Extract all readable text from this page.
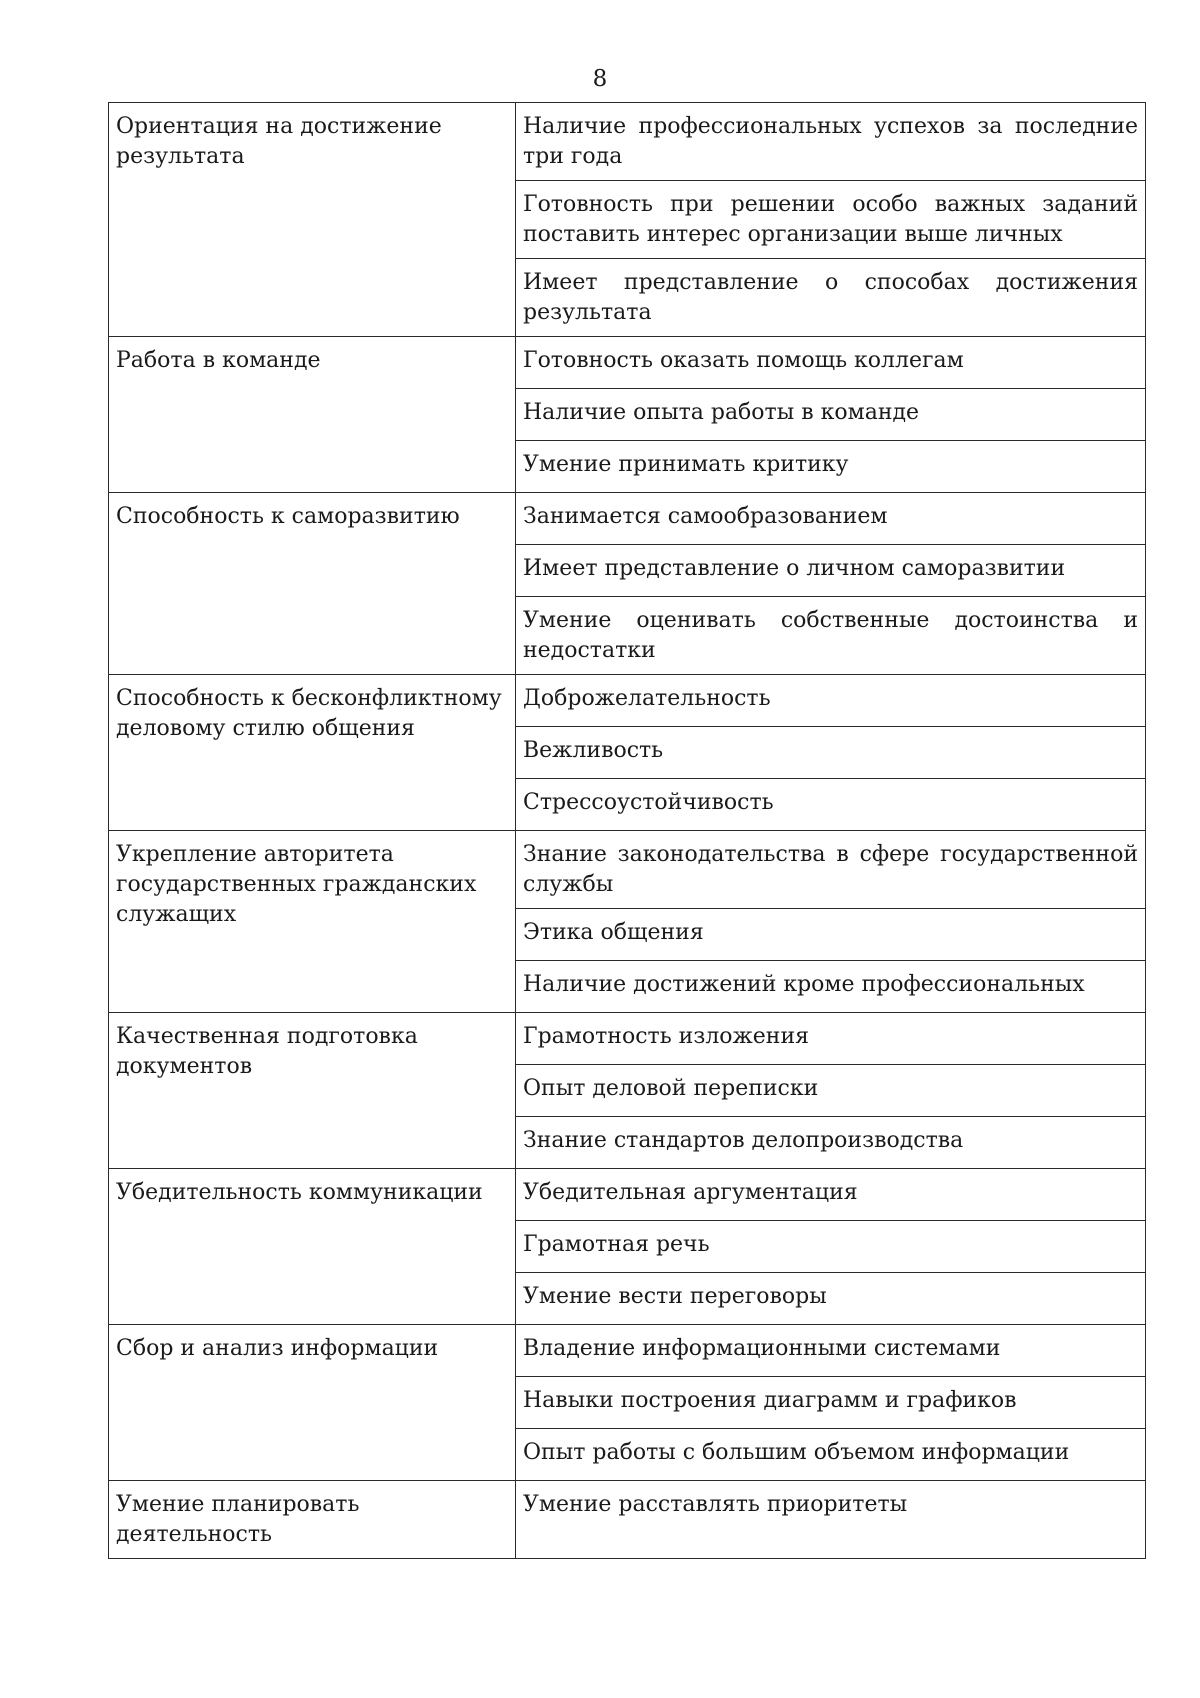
8
Ориентация на достижение результата	Наличие профессиональных успехов за последние три года
	Готовность при решении особо важных заданий поставить интерес организации выше личных
	Имеет представление о способах достижения результата
Работа в команде	Готовность оказать помощь коллегам
	Наличие опыта работы в команде
	Умение принимать критику
Способность к саморазвитию	Занимается самообразованием
	Имеет представление о личном саморазвитии
	Умение оценивать собственные достоинства и недостатки
Способность к бесконфликтному деловому стилю общения	Доброжелательность
	Вежливость
	Стрессоустойчивость
Укрепление авторитета государственных гражданских служащих	Знание законодательства в сфере государственной службы
	Этика общения
	Наличие достижений кроме профессиональных
Качественная подготовка документов	Грамотность изложения
	Опыт деловой переписки
	Знание стандартов делопроизводства
Убедительность коммуникации	Убедительная аргументация
	Грамотная речь
	Умение вести переговоры
Сбор и анализ информации	Владение информационными системами
	Навыки построения диаграмм и графиков
	Опыт работы с большим объемом информации
Умение планировать деятельность	Умение расставлять приоритеты
